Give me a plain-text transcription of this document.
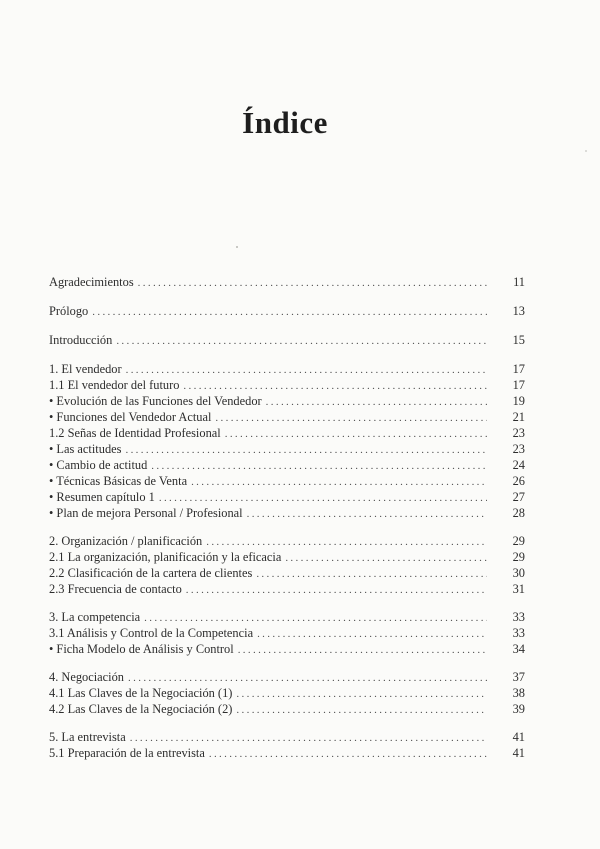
Índice
Agradecimientos . . .	11
Prólogo . . .	13
Introducción . . .	15
1. El vendedor . . .	17
1.1 El vendedor del futuro . . .	17
• Evolución de las Funciones del Vendedor . . .	19
• Funciones del Vendedor Actual . . .	21
1.2 Señas de Identidad Profesional . . .	23
• Las actitudes . . .	23
• Cambio de actitud . . .	24
• Técnicas Básicas de Venta . . .	26
• Resumen capítulo 1 . . .	27
• Plan de mejora Personal / Profesional . . .	28
2. Organización / planificación . . .	29
2.1 La organización, planificación y la eficacia . . .	29
2.2 Clasificación de la cartera de clientes . . .	30
2.3 Frecuencia de contacto . . .	31
3. La competencia . . .	33
3.1 Análisis y Control de la Competencia . . .	33
• Ficha Modelo de Análisis y Control . . .	34
4. Negociación . . .	37
4.1 Las Claves de la Negociación (1) . . .	38
4.2 Las Claves de la Negociación (2) . . .	39
5. La entrevista . . .	41
5.1 Preparación de la entrevista . . .	41
